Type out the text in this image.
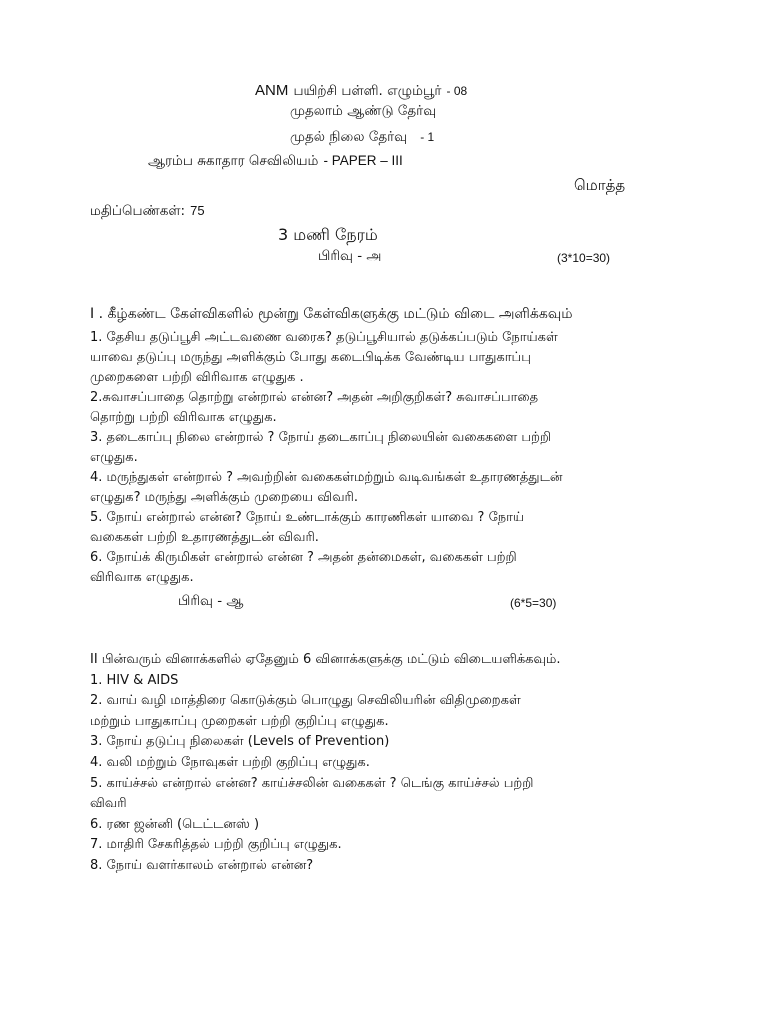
ANM பயிற்சி பள்ளி. எழும்பூர் - 08
முதலாம் ஆண்டு தேர்வு
முதல் நிலை தேர்வு - 1
ஆரம்ப சுகாதார செவிலியம் - PAPER – III
மொத்த
மதிப்பெண்கள்: 75
3 மணி நேரம்
பிரிவு - அ	(3*10=30)
I . கீழ்கண்ட கேள்விகளில் மூன்று கேள்விகளுக்கு மட்டும் விடை அளிக்கவும்
1. தேசிய தடுப்பூசி அட்டவணை வரைக? தடுப்பூசியால் தடுக்கப்படும் நோய்கள்
யாவை தடுப்பு மருந்து அளிக்கும் போது கடைபிடிக்க வேண்டிய பாதுகாப்பு
முறைகளை பற்றி விரிவாக எழுதுக .
2.சுவாசப்பாதை தொற்று என்றால் என்ன? அதன் அறிகுறிகள்? சுவாசப்பாதை
தொற்று பற்றி விரிவாக எழுதுக.
3. தடைகாப்பு நிலை என்றால் ? நோய் தடைகாப்பு நிலையின் வகைகளை பற்றி
எழுதுக.
4. மருந்துகள் என்றால் ? அவற்றின் வகைகள்மற்றும் வடிவங்கள் உதாரணத்துடன்
எழுதுக? மருந்து அளிக்கும் முறையை விவரி.
5. நோய் என்றால் என்ன? நோய் உண்டாக்கும் காரணிகள் யாவை ? நோய்
வகைகள் பற்றி உதாரணத்துடன் விவரி.
6. நோய்க் கிருமிகள் என்றால் என்ன ? அதன் தன்மைகள், வகைகள் பற்றி
விரிவாக எழுதுக.
பிரிவு - ஆ	(6*5=30)
II பின்வரும் வினாக்களில் ஏதேனும் 6 வினாக்களுக்கு மட்டும் விடையளிக்கவும்.
1. HIV & AIDS
2. வாய் வழி மாத்திரை கொடுக்கும் பொழுது செவிலியரின் விதிமுறைகள்
மற்றும் பாதுகாப்பு முறைகள் பற்றி குறிப்பு எழுதுக.
3. நோய் தடுப்பு நிலைகள் (Levels of Prevention)
4. வலி மற்றும் நோவுகள் பற்றி குறிப்பு எழுதுக.
5. காய்ச்சல் என்றால் என்ன? காய்ச்சலின் வகைகள் ? டெங்கு காய்ச்சல் பற்றி
விவரி
6. ரண ஜன்னி (டெட்டனஸ் )
7. மாதிரி சேகரித்தல் பற்றி குறிப்பு எழுதுக.
8. நோய் வளர்காலம் என்றால் என்ன?
